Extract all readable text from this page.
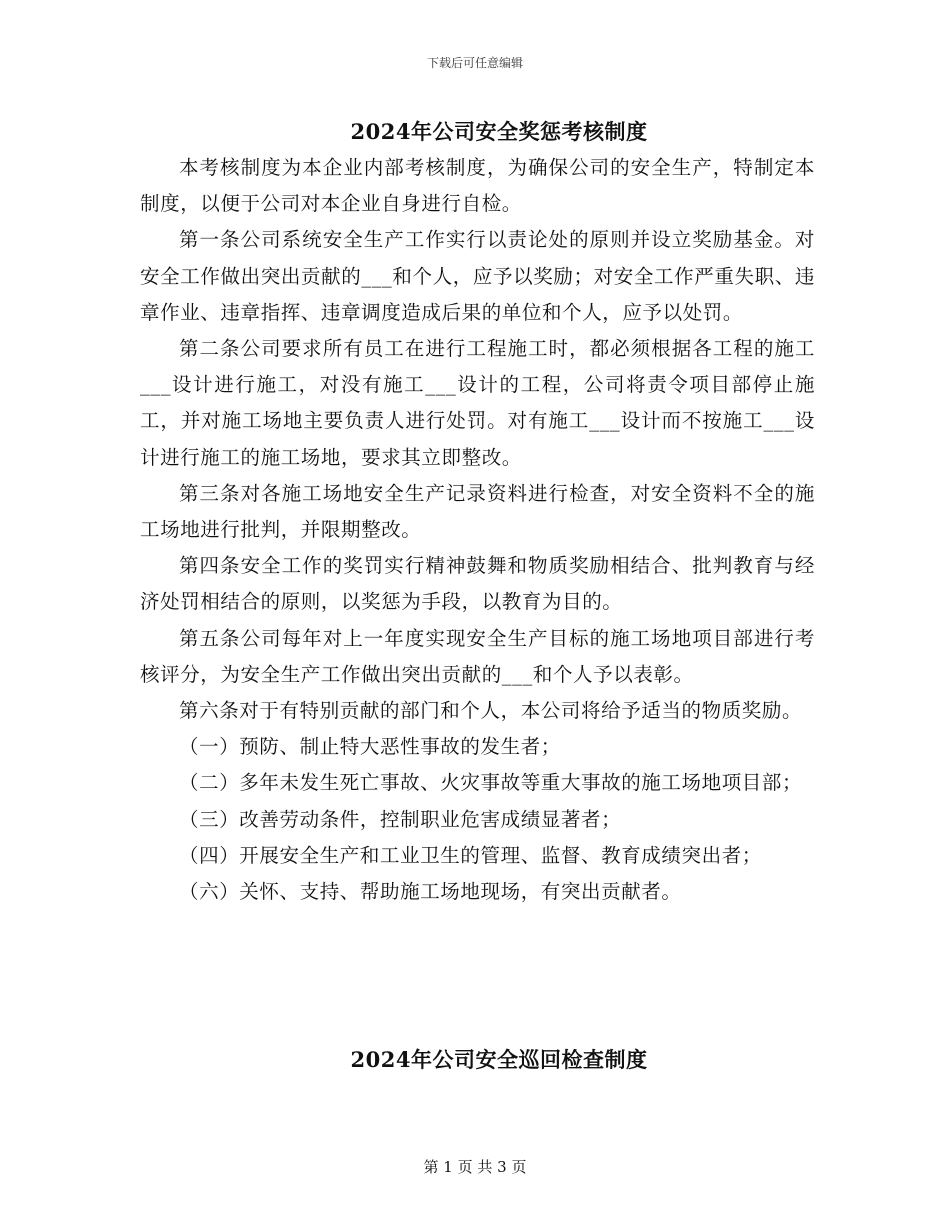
下载后可任意编辑
2024年公司安全奖惩考核制度

本考核制度为本企业内部考核制度，为确保公司的安全生产，特制定本制度，以便于公司对本企业自身进行自检。

第一条公司系统安全生产工作实行以责论处的原则并设立奖励基金。对安全工作做出突出贡献的___和个人，应予以奖励；对安全工作严重失职、违章作业、违章指挥、违章调度造成后果的单位和个人，应予以处罚。

第二条公司要求所有员工在进行工程施工时，都必须根据各工程的施工___设计进行施工，对没有施工___设计的工程，公司将责令项目部停止施工，并对施工场地主要负责人进行处罚。对有施工___设计而不按施工___设计进行施工的施工场地，要求其立即整改。

第三条对各施工场地安全生产记录资料进行检查，对安全资料不全的施工场地进行批判，并限期整改。

第四条安全工作的奖罚实行精神鼓舞和物质奖励相结合、批判教育与经济处罚相结合的原则，以奖惩为手段，以教育为目的。

第五条公司每年对上一年度实现安全生产目标的施工场地项目部进行考核评分，为安全生产工作做出突出贡献的___和个人予以表彰。

第六条对于有特别贡献的部门和个人，本公司将给予适当的物质奖励。

（一）预防、制止特大恶性事故的发生者；

（二）多年未发生死亡事故、火灾事故等重大事故的施工场地项目部；

（三）改善劳动条件，控制职业危害成绩显著者；

（四）开展安全生产和工业卫生的管理、监督、教育成绩突出者；

（六）关怀、支持、帮助施工场地现场，有突出贡献者。

2024年公司安全巡回检查制度
第 1 页 共 3 页
